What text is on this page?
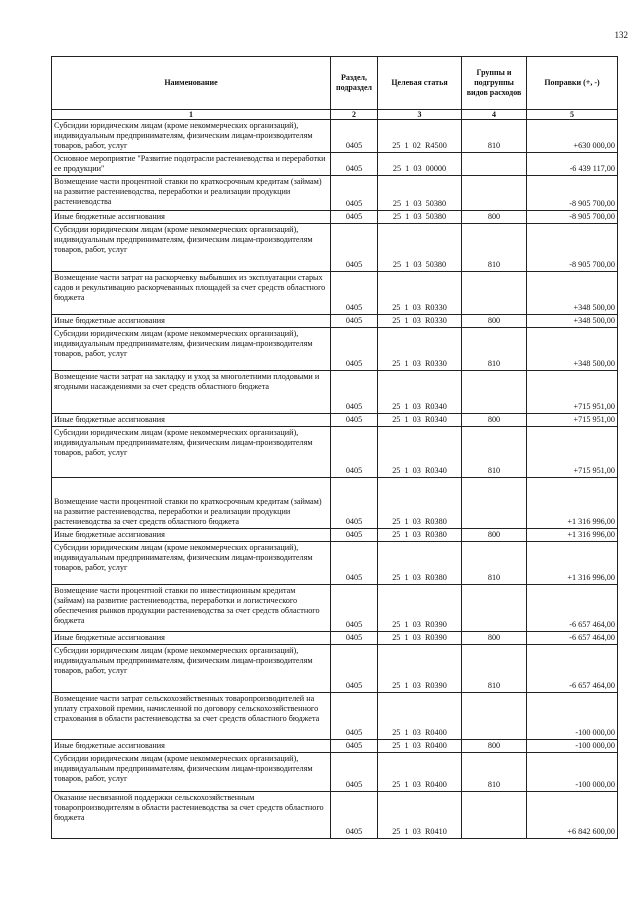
132
Наименование	Раздел, подраздел	Целевая статья	Группы и подгруппы видов расходов	Поправки (+, -)
1	2	3	4	5
Субсидии юридическим лицам (кроме некоммерческих организаций), индивидуальным предпринимателям, физическим лицам-производителям товаров, работ, услуг	0405	25  1  02  R4500	810	+630 000,00
Основное мероприятие "Развитие подотрасли растениеводства и переработки ее продукции"	0405	25  1  03  00000		-6 439 117,00
Возмещение части процентной ставки по краткосрочным кредитам (займам) на развитие растениеводства, переработки и реализации продукции растениеводства	0405	25  1  03  50380		-8 905 700,00
Иные бюджетные ассигнования	0405	25  1  03  50380	800	-8 905 700,00
Субсидии юридическим лицам (кроме некоммерческих организаций), индивидуальным предпринимателям, физическим лицам-производителям товаров, работ, услуг	0405	25  1  03  50380	810	-8 905 700,00
Возмещение части затрат на раскорчевку выбывших из эксплуатации старых садов и рекультивацию раскорчеванных площадей за счет средств областного бюджета	0405	25  1  03  R0330		+348 500,00
Иные бюджетные ассигнования	0405	25  1  03  R0330	800	+348 500,00
Субсидии юридическим лицам (кроме некоммерческих организаций), индивидуальным предпринимателям, физическим лицам-производителям товаров, работ, услуг	0405	25  1  03  R0330	810	+348 500,00
Возмещение части затрат на закладку и уход за многолетними плодовыми и ягодными насаждениями за счет средств областного бюджета	0405	25  1  03  R0340		+715 951,00
Иные бюджетные ассигнования	0405	25  1  03  R0340	800	+715 951,00
Субсидии юридическим лицам (кроме некоммерческих организаций), индивидуальным предпринимателям, физическим лицам-производителям товаров, работ, услуг	0405	25  1  03  R0340	810	+715 951,00
Возмещение части процентной ставки по краткосрочным кредитам (займам) на развитие растениеводства, переработки и реализации продукции растениеводства за счет средств областного бюджета	0405	25  1  03  R0380		+1 316 996,00
Иные бюджетные ассигнования	0405	25  1  03  R0380	800	+1 316 996,00
Субсидии юридическим лицам (кроме некоммерческих организаций), индивидуальным предпринимателям, физическим лицам-производителям товаров, работ, услуг	0405	25  1  03  R0380	810	+1 316 996,00
Возмещение части процентной ставки по инвестиционным кредитам (займам) на развитие растениеводства, переработки и логистического обеспечения рынков продукции растениеводства за счет средств областного бюджета	0405	25  1  03  R0390		-6 657 464,00
Иные бюджетные ассигнования	0405	25  1  03  R0390	800	-6 657 464,00
Субсидии юридическим лицам (кроме некоммерческих организаций), индивидуальным предпринимателям, физическим лицам-производителям товаров, работ, услуг	0405	25  1  03  R0390	810	-6 657 464,00
Возмещение части затрат сельскохозяйственных товаропроизводителей на уплату страховой премии, начисленной по договору сельскохозяйственного страхования в области растениеводства за счет средств областного бюджета	0405	25  1  03  R0400		-100 000,00
Иные бюджетные ассигнования	0405	25  1  03  R0400	800	-100 000,00
Субсидии юридическим лицам (кроме некоммерческих организаций), индивидуальным предпринимателям, физическим лицам-производителям товаров, работ, услуг	0405	25  1  03  R0400	810	-100 000,00
Оказание несвязанной поддержки сельскохозяйственным товаропроизводителям в области растениеводства за счет средств областного бюджета	0405	25  1  03  R0410		+6 842 600,00
